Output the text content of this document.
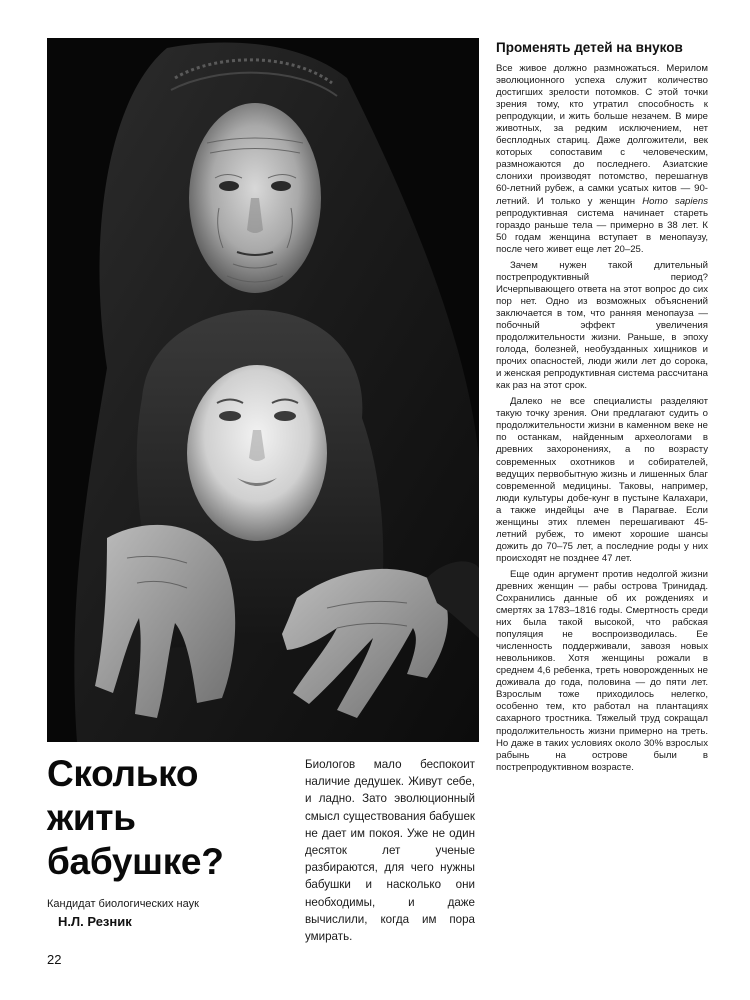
Променять детей на внуков

Все живое должно размножаться. Мерилом эволюционного успеха служит количество достигших зрелости потомков. С этой точки зрения тому, кто утратил способность к репродукции, и жить больше незачем. В мире животных, за редким исключением, нет бесплодных стариц. Даже долгожители, век которых сопоставим с человеческим, размножаются до последнего. Азиатские слонихи производят потомство, перешагнув 60-летний рубеж, а самки усатых китов — 90-летний. И только у женщин Homo sapiens репродуктивная система начинает стареть гораздо раньше тела — примерно в 38 лет. К 50 годам женщина вступает в менопаузу, после чего живет еще лет 20–25.

Зачем нужен такой длительный пострепродуктивный период? Исчерпывающего ответа на этот вопрос до сих пор нет. Одно из возможных объяснений заключается в том, что ранняя менопауза — побочный эффект увеличения продолжительности жизни. Раньше, в эпоху голода, болезней, необузданных хищников и прочих опасностей, люди жили лет до сорока, и женская репродуктивная система рассчитана как раз на этот срок.

Далеко не все специалисты разделяют такую точку зрения. Они предлагают судить о продолжительности жизни в каменном веке не по останкам, найденным археологами в древних захоронениях, а по возрасту современных охотников и собирателей, ведущих первобытную жизнь и лишенных благ современной медицины. Таковы, например, люди культуры добе-кунг в пустыне Калахари, а также индейцы аче в Парагвае. Если женщины этих племен перешагивают 45-летний рубеж, то имеют хорошие шансы дожить до 70–75 лет, а последние роды у них происходят не позднее 47 лет.

Еще один аргумент против недолгой жизни древних женщин — рабы острова Тринидад. Сохранились данные об их рождениях и смертях за 1783–1816 годы. Смертность среди них была такой высокой, что рабская популяция не воспроизводилась. Ее численность поддерживали, завозя новых невольников. Хотя женщины рожали в среднем 4,6 ребенка, треть новорожденных не доживала до года, половина — до пяти лет. Взрослым тоже приходилось нелегко, особенно тем, кто работал на плантациях сахарного тростника. Тяжелый труд сокращал продолжительность жизни примерно на треть. Но даже в таких условиях около 30% взрослых рабынь на острове были в пострепродуктивном возрасте.

Сколько жить бабушке?
Кандидат биологических наук
Н.Л. Резник

Биологов мало беспокоит наличие дедушек. Живут себе, и ладно. Зато эволюционный смысл существования бабушек не дает им покоя. Уже не один десяток лет ученые разбираются, для чего нужны бабушки и насколько они необходимы, и даже вычислили, когда им пора умирать.

22
